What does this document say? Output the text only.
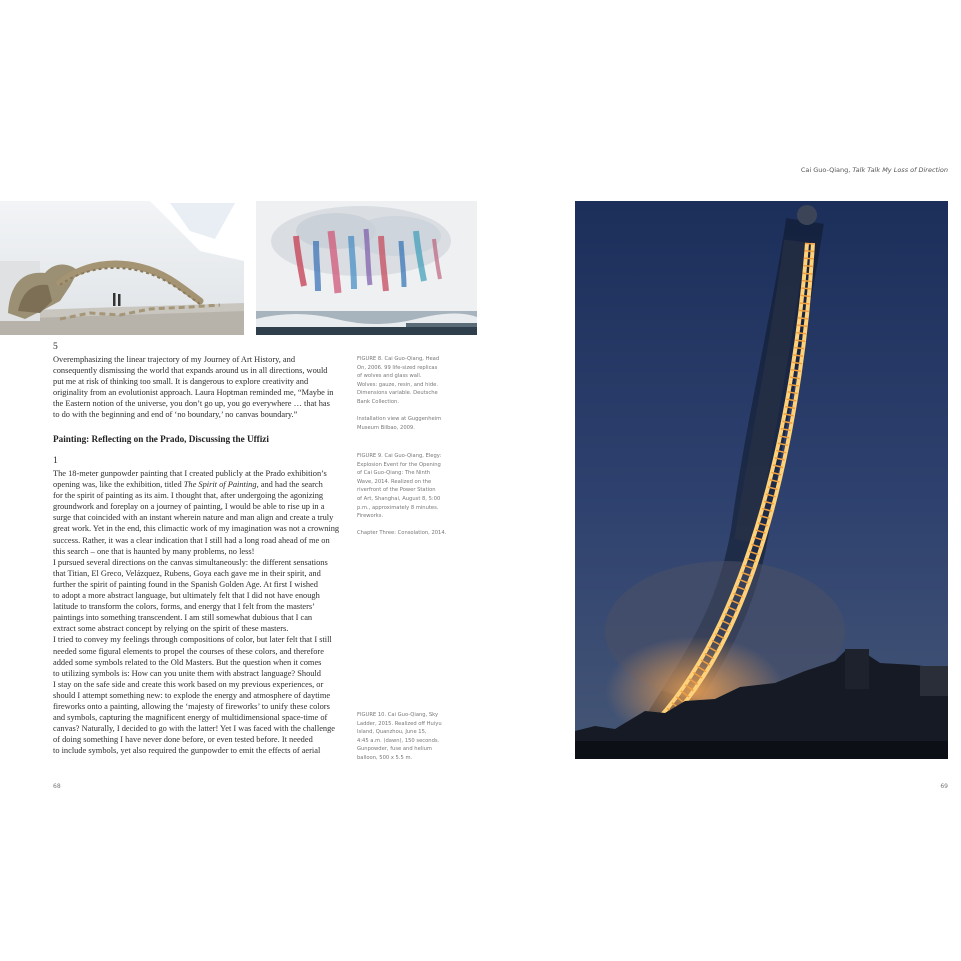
Cai Guo-Qiang, Talk Talk My Loss of Direction
5

Overemphasizing the linear trajectory of my Journey of Art History, and

consequently dismissing the world that expands around us in all directions, would

put me at risk of thinking too small. It is dangerous to explore creativity and

originality from an evolutionist approach. Laura Hoptman reminded me, “Maybe in

the Eastern notion of the universe, you don’t go up, you go everywhere … that has

to do with the beginning and end of ‘no boundary,’ no canvas boundary.”

Painting: Reflecting on the Prado, Discussing the Uffizi
1

The 18-meter gunpowder painting that I created publicly at the Prado exhibition’s

opening was, like the exhibition, titled The Spirit of Painting, and had the search

for the spirit of painting as its aim. I thought that, after undergoing the agonizing

groundwork and foreplay on a journey of painting, I would be able to rise up in a

surge that coincided with an instant wherein nature and man align and create a truly

great work. Yet in the end, this climactic work of my imagination was not a crowning

success. Rather, it was a clear indication that I still had a long road ahead of me on

this search – one that is haunted by many problems, no less!

I pursued several directions on the canvas simultaneously: the different sensations

that Titian, El Greco, Velázquez, Rubens, Goya each gave me in their spirit, and

further the spirit of painting found in the Spanish Golden Age. At first I wished

to adopt a more abstract language, but ultimately felt that I did not have enough

latitude to transform the colors, forms, and energy that I felt from the masters’

paintings into something transcendent. I am still somewhat dubious that I can

extract some abstract concept by relying on the spirit of these masters.

I tried to convey my feelings through compositions of color, but later felt that I still

needed some figural elements to propel the courses of these colors, and therefore

added some symbols related to the Old Masters. But the question when it comes

to utilizing symbols is: How can you unite them with abstract language? Should

I stay on the safe side and create this work based on my previous experiences, or

should I attempt something new: to explode the energy and atmosphere of daytime

fireworks onto a painting, allowing the ‘majesty of fireworks’ to unify these colors

and symbols, capturing the magnificent energy of multidimensional space-time of

canvas? Naturally, I decided to go with the latter! Yet I was faced with the challenge

of doing something I have never done before, or even tested before. It needed

to include symbols, yet also required the gunpowder to emit the effects of aerial

FIGURE 8. Cai Guo-Qiang, Head

On, 2006. 99 life-sized replicas

of wolves and glass wall.

Wolves: gauze, resin, and hide.

Dimensions variable. Deutsche

Bank Collection.

Installation view at Guggenheim

Museum Bilbao, 2009.

FIGURE 9. Cai Guo-Qiang, Elegy:

Explosion Event for the Opening

of Cai Guo-Qiang: The Ninth

Wave, 2014. Realized on the

riverfront of the Power Station

of Art, Shanghai, August 8, 5:00

p.m., approximately 8 minutes.

Fireworks.

Chapter Three: Consolation, 2014.

FIGURE 10. Cai Guo-Qiang, Sky

Ladder, 2015. Realized off Huiyu

Island, Quanzhou, June 15,

4:45 a.m. (dawn), 150 seconds.

Gunpowder, fuse and helium

balloon, 500 x 5.5 m.

68	69
